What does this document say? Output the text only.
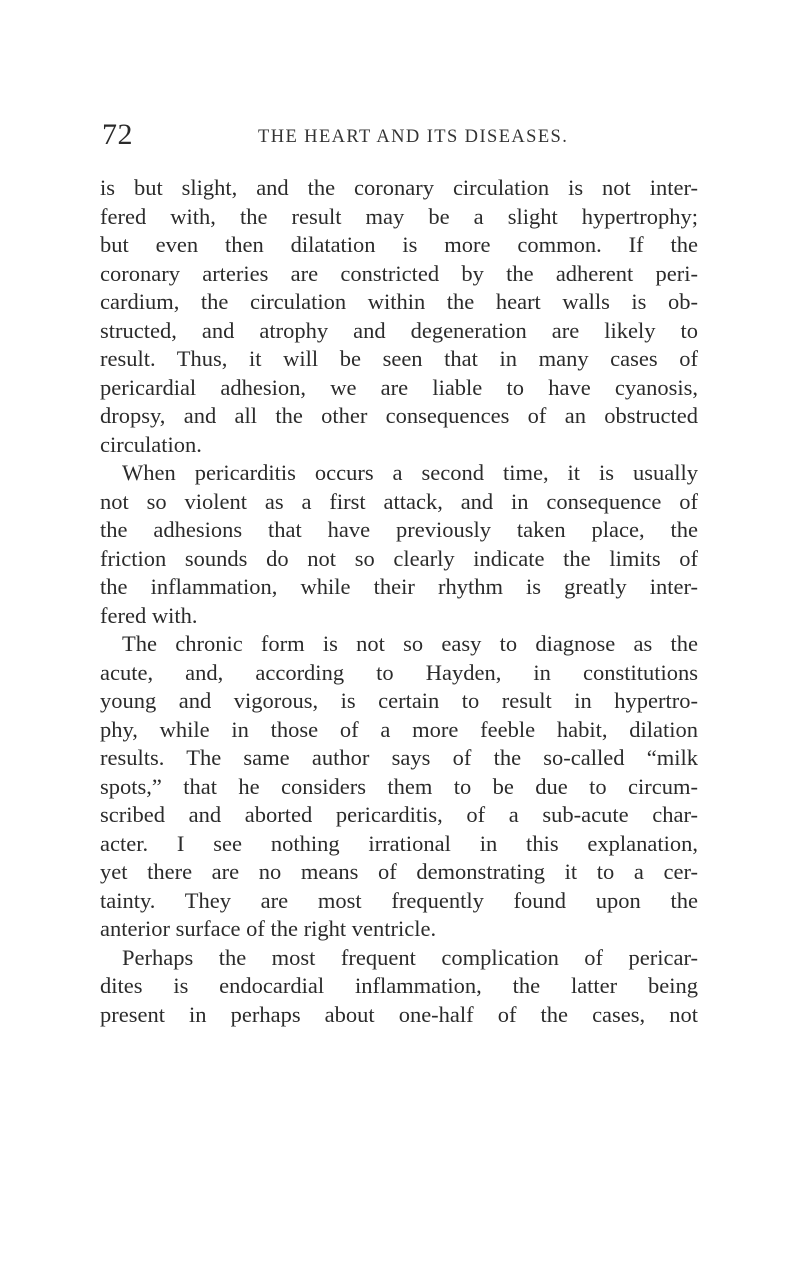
72	THE HEART AND ITS DISEASES.
is but slight, and the coronary circulation is not inter-
fered with, the result may be a slight hypertrophy;
but even then dilatation is more common. If the
coronary arteries are constricted by the adherent peri-
cardium, the circulation within the heart walls is ob-
structed, and atrophy and degeneration are likely to
result. Thus, it will be seen that in many cases of
pericardial adhesion, we are liable to have cyanosis,
dropsy, and all the other consequences of an obstructed
circulation.
When pericarditis occurs a second time, it is usually
not so violent as a first attack, and in consequence of
the adhesions that have previously taken place, the
friction sounds do not so clearly indicate the limits of
the inflammation, while their rhythm is greatly inter-
fered with.
The chronic form is not so easy to diagnose as the
acute, and, according to Hayden, in constitutions
young and vigorous, is certain to result in hypertro-
phy, while in those of a more feeble habit, dilation
results. The same author says of the so-called “milk
spots,” that he considers them to be due to circum-
scribed and aborted pericarditis, of a sub-acute char-
acter. I see nothing irrational in this explanation,
yet there are no means of demonstrating it to a cer-
tainty. They are most frequently found upon the
anterior surface of the right ventricle.
Perhaps the most frequent complication of pericar-
dites is endocardial inflammation, the latter being
present in perhaps about one-half of the cases, not
